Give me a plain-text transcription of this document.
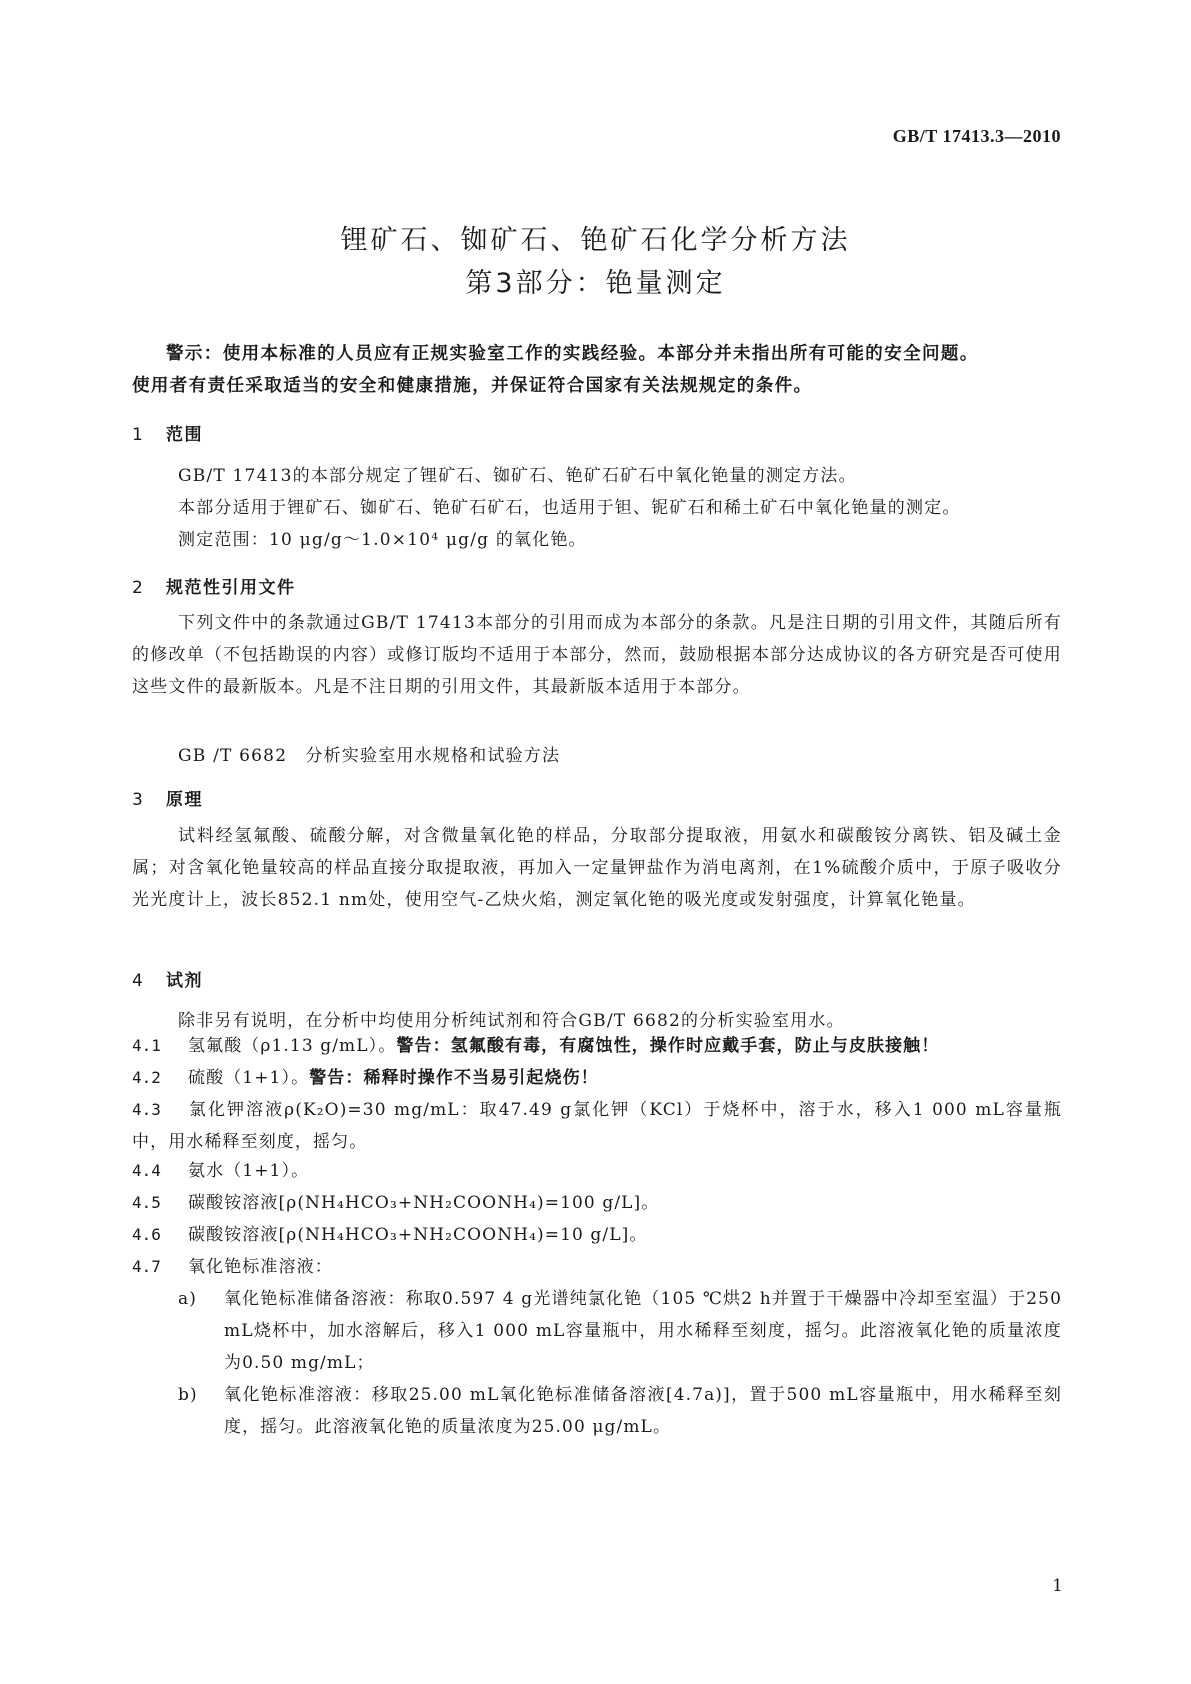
GB/T 17413.3—2010
锂矿石、铷矿石、铯矿石化学分析方法
第3部分：铯量测定

警示：使用本标准的人员应有正规实验室工作的实践经验。本部分并未指出所有可能的安全问题。

使用者有责任采取适当的安全和健康措施，并保证符合国家有关法规规定的条件。

1 范围
GB/T 17413的本部分规定了锂矿石、铷矿石、铯矿石矿石中氧化铯量的测定方法。
本部分适用于锂矿石、铷矿石、铯矿石矿石，也适用于钽、铌矿石和稀土矿石中氧化铯量的测定。
测定范围：10 μg/g～1.0×10⁴ μg/g 的氧化铯。
2 规范性引用文件

下列文件中的条款通过GB/T 17413本部分的引用而成为本部分的条款。凡是注日期的引用文件，其随后所有的修改单（不包括勘误的内容）或修订版均不适用于本部分，然而，鼓励根据本部分达成协议的各方研究是否可使用这些文件的最新版本。凡是不注日期的引用文件，其最新版本适用于本部分。

GB /T 6682　分析实验室用水规格和试验方法
3 原理

试料经氢氟酸、硫酸分解，对含微量氧化铯的样品，分取部分提取液，用氨水和碳酸铵分离铁、铝及碱土金属；对含氧化铯量较高的样品直接分取提取液，再加入一定量钾盐作为消电离剂，在1%硫酸介质中，于原子吸收分光光度计上，波长852.1 nm处，使用空气-乙炔火焰，测定氧化铯的吸光度或发射强度，计算氧化铯量。

4 试剂
除非另有说明，在分析中均使用分析纯试剂和符合GB/T 6682的分析实验室用水。
4.1 氢氟酸（ρ1.13 g/mL）。警告：氢氟酸有毒，有腐蚀性，操作时应戴手套，防止与皮肤接触！
4.2 硫酸（1+1）。警告：稀释时操作不当易引起烧伤！
4.3 氯化钾溶液ρ(K₂O)=30 mg/mL：取47.49 g氯化钾（KCl）于烧杯中，溶于水，移入1 000 mL容量瓶中，用水稀释至刻度，摇匀。
4.4 氨水（1+1）。
4.5 碳酸铵溶液[ρ(NH₄HCO₃+NH₂COONH₄)=100 g/L]。
4.6 碳酸铵溶液[ρ(NH₄HCO₃+NH₂COONH₄)=10 g/L]。
4.7 氧化铯标准溶液：
a) 氧化铯标准储备溶液：称取0.597 4 g光谱纯氯化铯（105 ℃烘2 h并置于干燥器中冷却至室温）于250 mL烧杯中，加水溶解后，移入1 000 mL容量瓶中，用水稀释至刻度，摇匀。此溶液氧化铯的质量浓度为0.50 mg/mL；
b) 氧化铯标准溶液：移取25.00 mL氧化铯标准储备溶液[4.7a)]，置于500 mL容量瓶中，用水稀释至刻度，摇匀。此溶液氧化铯的质量浓度为25.00 μg/mL。
1
